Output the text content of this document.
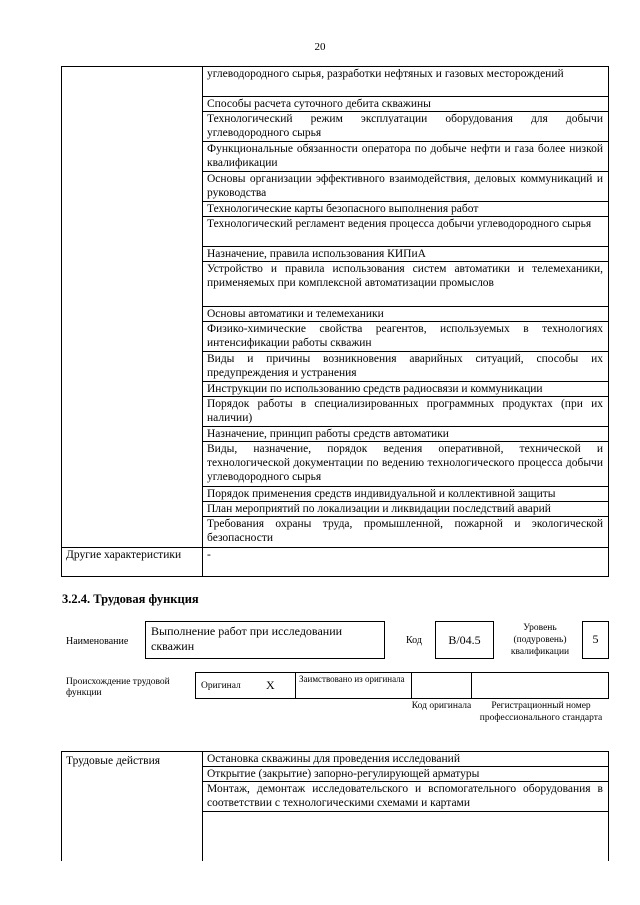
20
углеводородного сырья, разработки нефтяных и газовых месторождений
Способы расчета суточного дебита скважины
Технологический режим эксплуатации оборудования для добычи углеводородного сырья
Функциональные обязанности оператора по добыче нефти и газа более низкой квалификации
Основы организации эффективного взаимодействия, деловых коммуникаций и руководства
Технологические карты безопасного выполнения работ
Технологический регламент ведения процесса добычи углеводородного сырья
Назначение, правила использования КИПиА
Устройство и правила использования систем автоматики и телемеханики, применяемых при комплексной автоматизации промыслов
Основы автоматики и телемеханики
Физико-химические свойства реагентов, используемых в технологиях интенсификации работы скважин
Виды и причины возникновения аварийных ситуаций, способы их предупреждения и устранения
Инструкции по использованию средств радиосвязи и коммуникации
Порядок работы в специализированных программных продуктах (при их наличии)
Назначение, принцип работы средств автоматики
Виды, назначение, порядок ведения оперативной, технической и технологической документации по ведению технологического процесса добычи углеводородного сырья
Порядок применения средств индивидуальной и коллективной защиты
План мероприятий по локализации и ликвидации последствий аварий
Требования охраны труда, промышленной, пожарной и экологической безопасности
Другие характеристики	-
3.2.4. Трудовая функция
Наименование
Выполнение работ при исследовании скважин	Код	B/04.5
Уровень (подуровень) квалификации
5
Происхождение трудовой функции
Оригинал X	Заимствовано из оригинала
Код оригинала	Регистрационный номер профессионального стандарта
Трудовые действия	Остановка скважины для проведения исследований
Открытие (закрытие) запорно-регулирующей арматуры
Монтаж, демонтаж исследовательского и вспомогательного оборудования в соответствии с технологическими схемами и картами
